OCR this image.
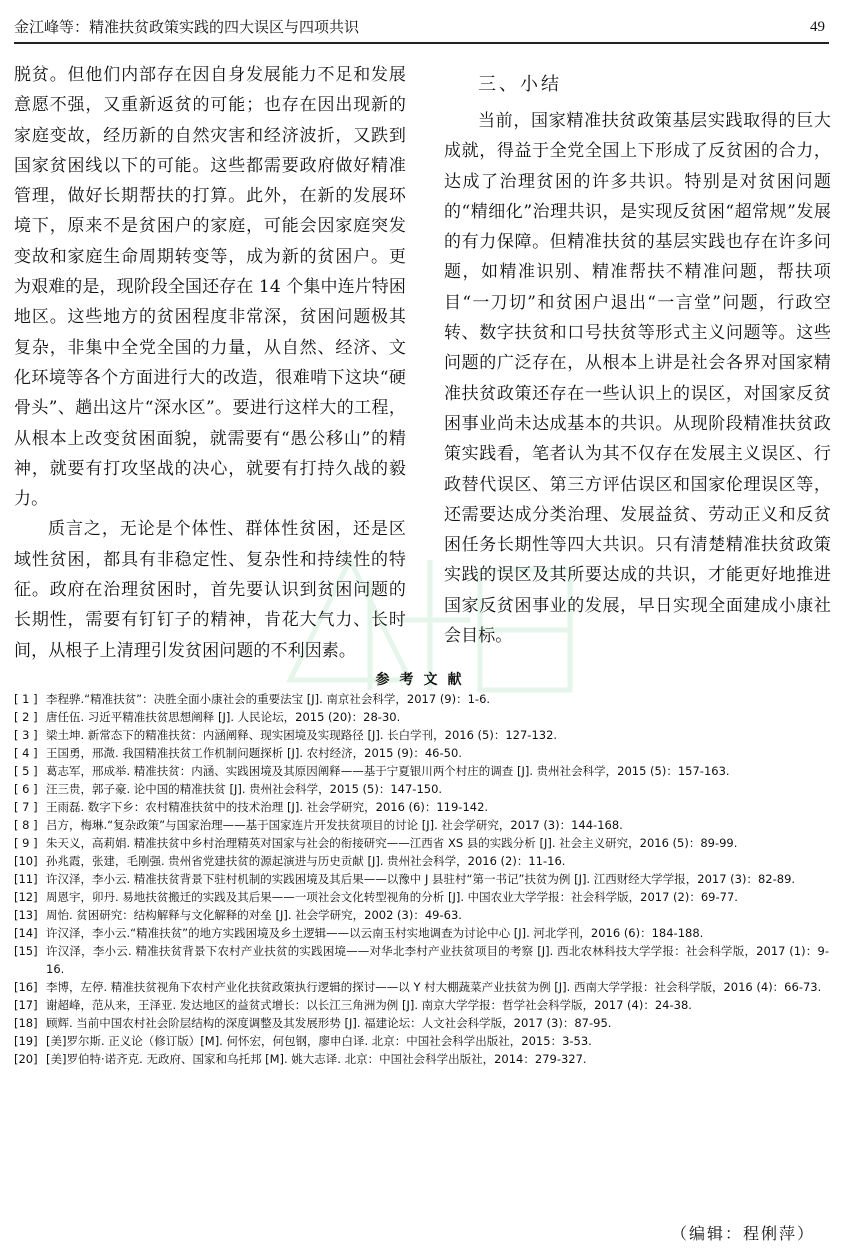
金江峰等：精准扶贫政策实践的四大误区与四项共识	49

脱贫。但他们内部存在因自身发展能力不足和发展意愿不强，又重新返贫的可能；也存在因出现新的家庭变故，经历新的自然灾害和经济波折，又跌到国家贫困线以下的可能。这些都需要政府做好精准管理，做好长期帮扶的打算。此外，在新的发展环境下，原来不是贫困户的家庭，可能会因家庭突发变故和家庭生命周期转变等，成为新的贫困户。更为艰难的是，现阶段全国还存在 14 个集中连片特困地区。这些地方的贫困程度非常深，贫困问题极其复杂，非集中全党全国的力量，从自然、经济、文化环境等各个方面进行大的改造，很难啃下这块“硬骨头”、趟出这片“深水区”。要进行这样大的工程，从根本上改变贫困面貌，就需要有“愚公移山”的精神，就要有打攻坚战的决心，就要有打持久战的毅力。

质言之，无论是个体性、群体性贫困，还是区域性贫困，都具有非稳定性、复杂性和持续性的特征。政府在治理贫困时，首先要认识到贫困问题的长期性，需要有钉钉子的精神，肯花大气力、长时间，从根子上清理引发贫困问题的不利因素。

三、小结

当前，国家精准扶贫政策基层实践取得的巨大成就，得益于全党全国上下形成了反贫困的合力，达成了治理贫困的许多共识。特别是对贫困问题的“精细化”治理共识，是实现反贫困“超常规”发展的有力保障。但精准扶贫的基层实践也存在许多问题，如精准识别、精准帮扶不精准问题，帮扶项目“一刀切”和贫困户退出“一言堂”问题，行政空转、数字扶贫和口号扶贫等形式主义问题等。这些问题的广泛存在，从根本上讲是社会各界对国家精准扶贫政策还存在一些认识上的误区，对国家反贫困事业尚未达成基本的共识。从现阶段精准扶贫政策实践看，笔者认为其不仅存在发展主义误区、行政替代误区、第三方评估误区和国家伦理误区等，还需要达成分类治理、发展益贫、劳动正义和反贫困任务长期性等四大共识。只有清楚精准扶贫政策实践的误区及其所要达成的共识，才能更好地推进国家反贫困事业的发展，早日实现全面建成小康社会目标。

参考文献
[ 1 ] 李程骅.“精准扶贫”：决胜全面小康社会的重要法宝 [J]. 南京社会科学，2017 (9)：1-6.
[ 2 ] 唐任伍. 习近平精准扶贫思想阐释 [J]. 人民论坛，2015 (20)：28-30.
[ 3 ] 梁土坤. 新常态下的精准扶贫：内涵阐释、现实困境及实现路径 [J]. 长白学刊，2016 (5)：127-132.
[ 4 ] 王国勇，邢溦. 我国精准扶贫工作机制问题探析 [J]. 农村经济，2015 (9)：46-50.
[ 5 ] 葛志军，邢成举. 精准扶贫：内涵、实践困境及其原因阐释——基于宁夏银川两个村庄的调查 [J]. 贵州社会科学，2015 (5)：157-163.
[ 6 ] 汪三贵，郭子豪. 论中国的精准扶贫 [J]. 贵州社会科学，2015 (5)：147-150.
[ 7 ] 王雨磊. 数字下乡：农村精准扶贫中的技术治理 [J]. 社会学研究，2016 (6)：119-142.
[ 8 ] 吕方，梅琳.“复杂政策”与国家治理——基于国家连片开发扶贫项目的讨论 [J]. 社会学研究，2017 (3)：144-168.
[ 9 ] 朱天义，高莉娟. 精准扶贫中乡村治理精英对国家与社会的衔接研究——江西省 XS 县的实践分析 [J]. 社会主义研究，2016 (5)：89-99.
[10] 孙兆霞，张建，毛刚强. 贵州省党建扶贫的源起演进与历史贡献 [J]. 贵州社会科学，2016 (2)：11-16.
[11] 许汉泽，李小云. 精准扶贫背景下驻村机制的实践困境及其后果——以豫中 J 县驻村“第一书记”扶贫为例 [J]. 江西财经大学学报，2017 (3)：82-89.
[12] 周恩宇，卯丹. 易地扶贫搬迁的实践及其后果——一项社会文化转型视角的分析 [J]. 中国农业大学学报：社会科学版，2017 (2)：69-77.
[13] 周怡. 贫困研究：结构解释与文化解释的对垒 [J]. 社会学研究，2002 (3)：49-63.
[14] 许汉泽，李小云.“精准扶贫”的地方实践困境及乡土逻辑——以云南玉村实地调查为讨论中心 [J]. 河北学刊，2016 (6)：184-188.
[15] 许汉泽，李小云. 精准扶贫背景下农村产业扶贫的实践困境——对华北李村产业扶贫项目的考察 [J]. 西北农林科技大学学报：社会科学版，2017 (1)：9-16.
[16] 李博，左停. 精准扶贫视角下农村产业化扶贫政策执行逻辑的探讨——以 Y 村大棚蔬菜产业扶贫为例 [J]. 西南大学学报：社会科学版，2016 (4)：66-73.
[17] 谢超峰，范从来，王泽亚. 发达地区的益贫式增长：以长江三角洲为例 [J]. 南京大学学报：哲学社会科学版，2017 (4)：24-38.
[18] 顾辉. 当前中国农村社会阶层结构的深度调整及其发展形势 [J]. 福建论坛：人文社会科学版，2017 (3)：87-95.
[19] [美]罗尔斯. 正义论（修订版）[M]. 何怀宏，何包钢，廖申白译. 北京：中国社会科学出版社，2015：3-53.
[20] [美]罗伯特·诺齐克. 无政府、国家和乌托邦 [M]. 姚大志译. 北京：中国社会科学出版社，2014：279-327.
（编辑：程俐萍）
